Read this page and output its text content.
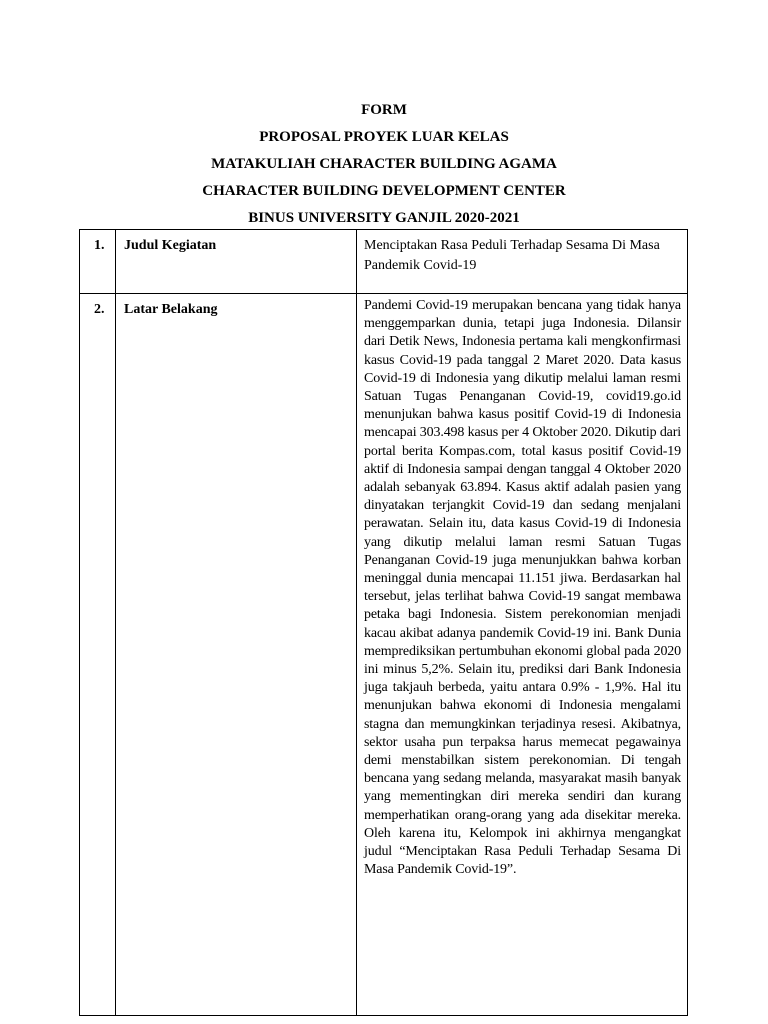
FORM
PROPOSAL PROYEK LUAR KELAS
MATAKULIAH CHARACTER BUILDING AGAMA
CHARACTER BUILDING DEVELOPMENT CENTER
BINUS UNIVERSITY GANJIL 2020-2021
1.	Judul Kegiatan	Menciptakan Rasa Peduli Terhadap Sesama Di Masa Pandemik Covid-19
2.	Latar Belakang	Pandemi Covid-19 merupakan bencana yang tidak hanya menggemparkan dunia, tetapi juga Indonesia. Dilansir dari Detik News, Indonesia pertama kali mengkonfirmasi kasus Covid-19 pada tanggal 2 Maret 2020. Data kasus Covid-19 di Indonesia yang dikutip melalui laman resmi Satuan Tugas Penanganan Covid-19, covid19.go.id menunjukan bahwa kasus positif Covid-19 di Indonesia mencapai 303.498 kasus per 4 Oktober 2020. Dikutip dari portal berita Kompas.com, total kasus positif Covid-19 aktif di Indonesia sampai dengan tanggal 4 Oktober 2020 adalah sebanyak 63.894. Kasus aktif adalah pasien yang dinyatakan terjangkit Covid-19 dan sedang menjalani perawatan. Selain itu, data kasus Covid-19 di Indonesia yang dikutip melalui laman resmi Satuan Tugas Penanganan Covid-19 juga menunjukkan bahwa korban meninggal dunia mencapai 11.151 jiwa. Berdasarkan hal tersebut, jelas terlihat bahwa Covid-19 sangat membawa petaka bagi Indonesia. Sistem perekonomian menjadi kacau akibat adanya pandemik Covid-19 ini. Bank Dunia memprediksikan pertumbuhan ekonomi global pada 2020 ini minus 5,2%. Selain itu, prediksi dari Bank Indonesia juga takjauh berbeda, yaitu antara 0.9% - 1,9%. Hal itu menunjukan bahwa ekonomi di Indonesia mengalami stagna dan memungkinkan terjadinya resesi. Akibatnya, sektor usaha pun terpaksa harus memecat pegawainya demi menstabilkan sistem perekonomian. Di tengah bencana yang sedang melanda, masyarakat masih banyak yang mementingkan diri mereka sendiri dan kurang memperhatikan orang-orang yang ada disekitar mereka. Oleh karena itu, Kelompok ini akhirnya mengangkat judul “Menciptakan Rasa Peduli Terhadap Sesama Di Masa Pandemik Covid-19”.
